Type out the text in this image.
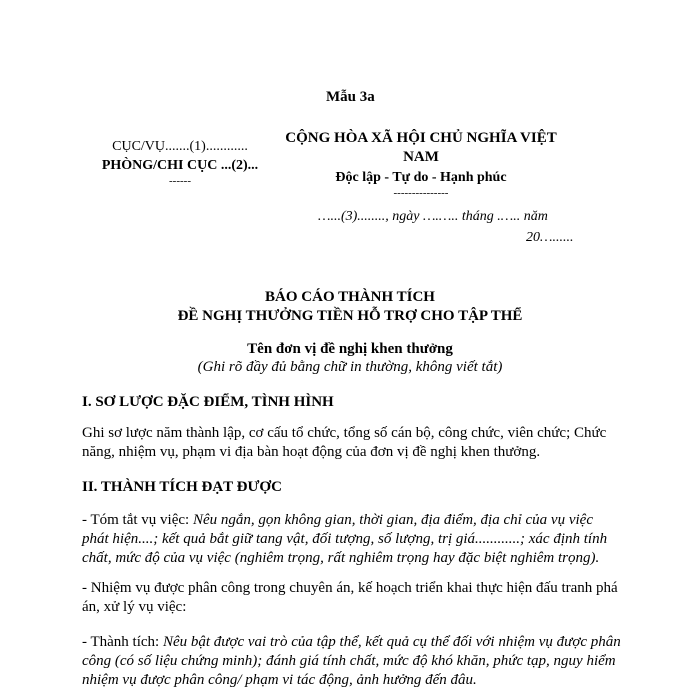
Mẫu 3a
CỤC/VỤ.......(1)............
PHÒNG/CHI CỤC ...(2)...
------
CỘNG HÒA XÃ HỘI CHỦ NGHĨA VIỆT
NAM
Độc lập - Tự do - Hạnh phúc
---------------
…...(3)........, ngày ….….. tháng .….. năm
20…......
BÁO CÁO THÀNH TÍCH
ĐỀ NGHỊ THƯỞNG TIỀN HỖ TRỢ CHO TẬP THỂ
Tên đơn vị đề nghị khen thưởng
(Ghi rõ đầy đủ bằng chữ in thường, không viết tắt)
I. SƠ LƯỢC ĐẶC ĐIỂM, TÌNH HÌNH
Ghi sơ lược năm thành lập, cơ cấu tổ chức, tổng số cán bộ, công chức, viên chức; Chức
năng, nhiệm vụ, phạm vi địa bàn hoạt động của đơn vị đề nghị khen thưởng.
II. THÀNH TÍCH ĐẠT ĐƯỢC
- Tóm tắt vụ việc: Nêu ngắn, gọn không gian, thời gian, địa điểm, địa chỉ của vụ việc
phát hiện....; kết quả bắt giữ tang vật, đối tượng, số lượng, trị giá............; xác định tính
chất, mức độ của vụ việc (nghiêm trọng, rất nghiêm trọng hay đặc biệt nghiêm trọng).
- Nhiệm vụ được phân công trong chuyên án, kế hoạch triển khai thực hiện đấu tranh phá
án, xử lý vụ việc:
- Thành tích: Nêu bật được vai trò của tập thể, kết quả cụ thể đối với nhiệm vụ được phân
công (có số liệu chứng minh); đánh giá tính chất, mức độ khó khăn, phức tạp, nguy hiểm
nhiệm vụ được phân công/ phạm vi tác động, ảnh hưởng đến đâu.
